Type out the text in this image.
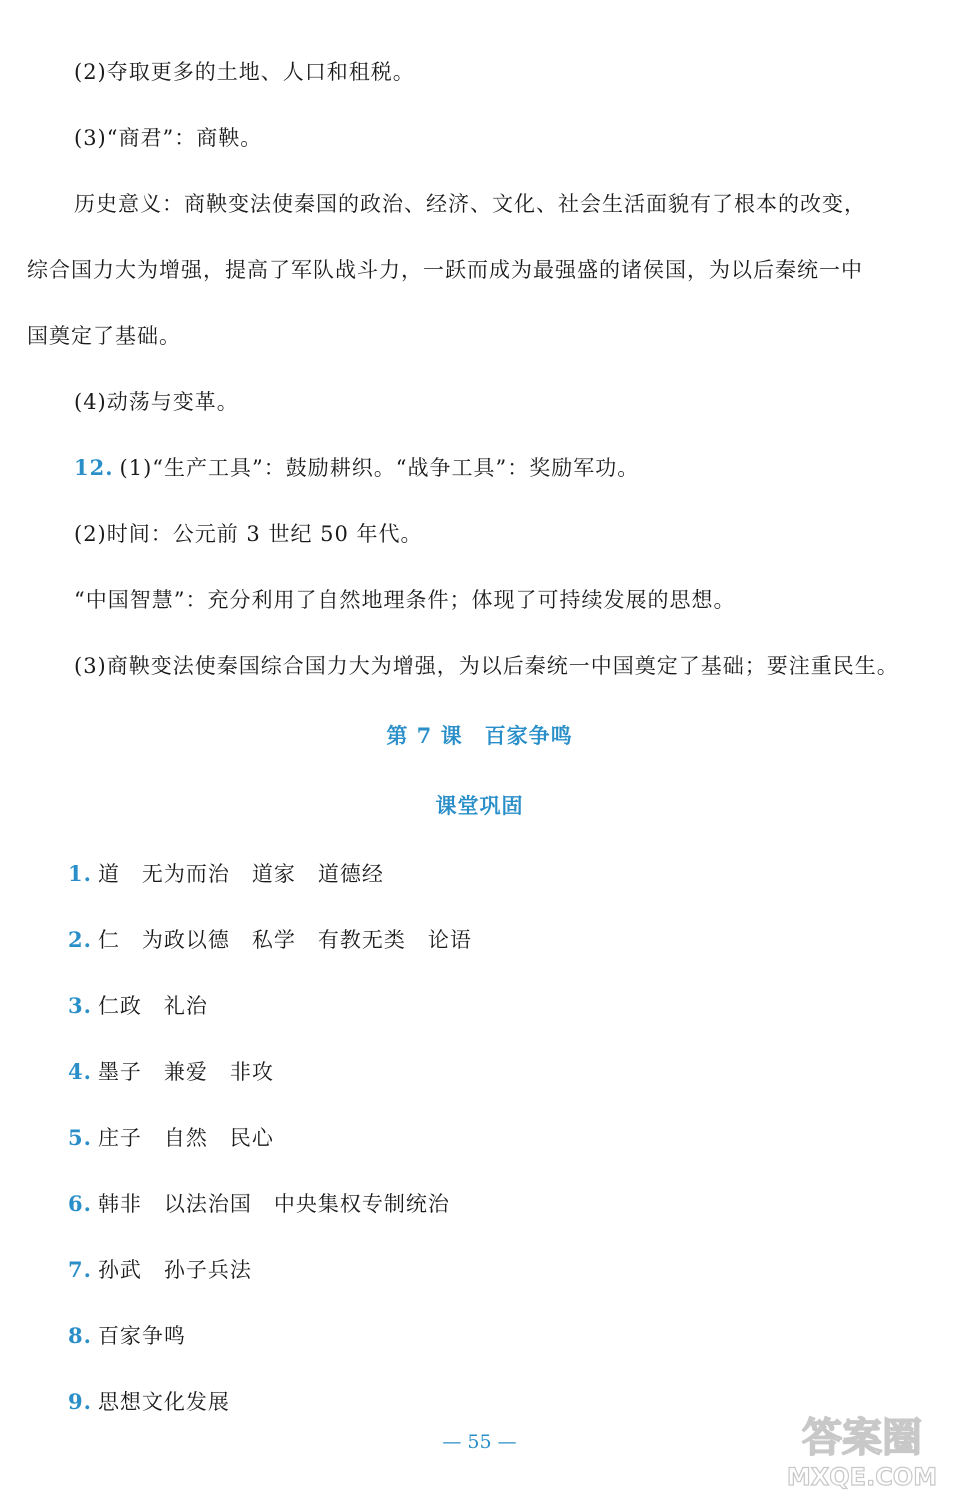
(2)夺取更多的土地、人口和租税。
(3)“商君”：商鞅。
历史意义：商鞅变法使秦国的政治、经济、文化、社会生活面貌有了根本的改变，
综合国力大为增强，提高了军队战斗力，一跃而成为最强盛的诸侯国，为以后秦统一中
国奠定了基础。
(4)动荡与变革。
12. (1)“生产工具”：鼓励耕织。“战争工具”：奖励军功。
(2)时间：公元前 3 世纪 50 年代。
“中国智慧”：充分利用了自然地理条件；体现了可持续发展的思想。
(3)商鞅变法使秦国综合国力大为增强，为以后秦统一中国奠定了基础；要注重民生。
第 7 课　百家争鸣
课堂巩固
1. 道　无为而治　道家　道德经
2. 仁　为政以德　私学　有教无类　论语
3. 仁政　礼治
4. 墨子　兼爱　非攻
5. 庄子　自然　民心
6. 韩非　以法治国　中央集权专制统治
7. 孙武　孙子兵法
8. 百家争鸣
9. 思想文化发展
— 55 —	答案圈
MXQE.COM
